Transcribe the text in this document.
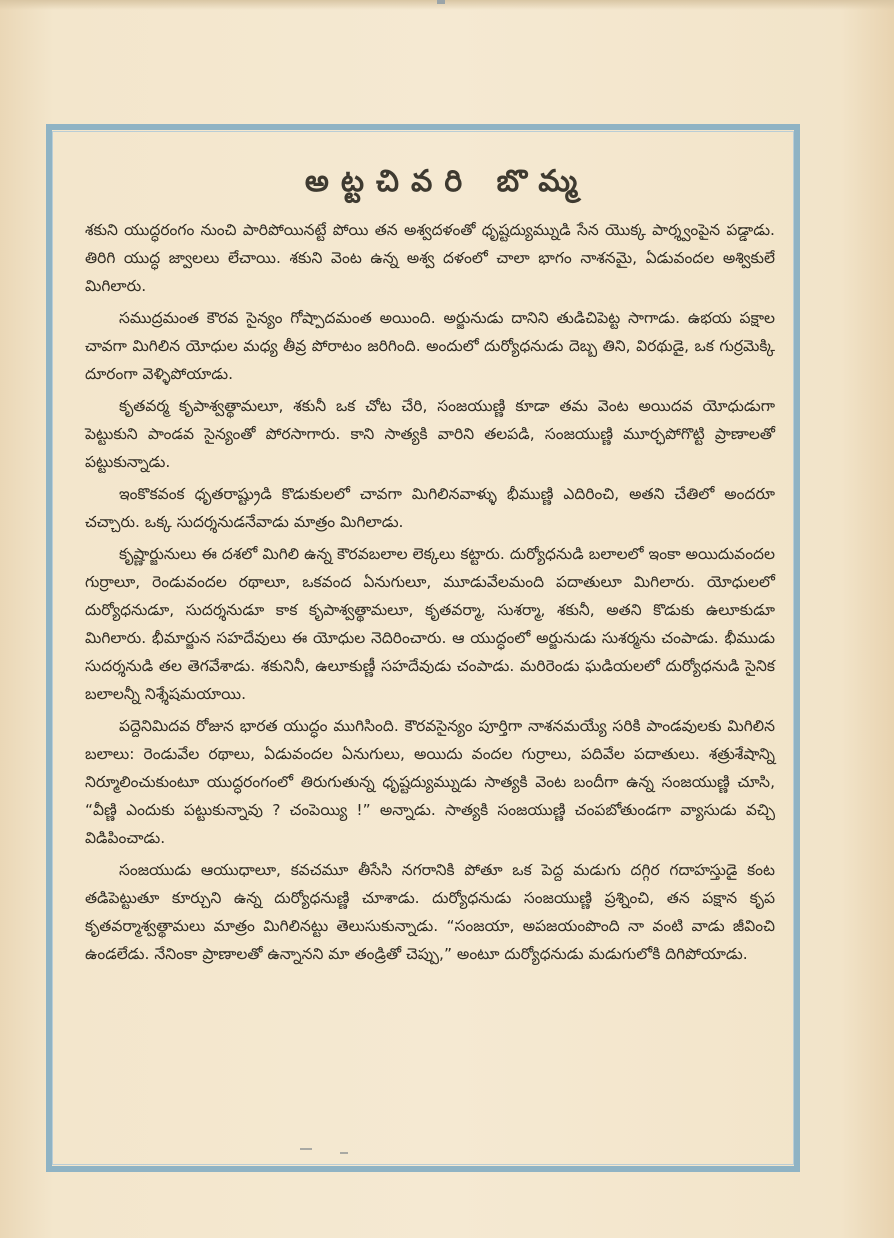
అట్టచివరి బొమ్మ

శకుని యుద్ధరంగం నుంచి పారిపోయినట్టే పోయి తన అశ్వదళంతో ధృష్టద్యుమ్నుడి సేన యొక్క పార్శ్వంపైన పడ్డాడు. తిరిగి యుద్ధ జ్వాలలు లేచాయి. శకుని వెంట ఉన్న అశ్వ దళంలో చాలా భాగం నాశనమై, ఏడువందల అశ్వికులే మిగిలారు.

సముద్రమంత కౌరవ సైన్యం గోష్పాదమంత అయింది. అర్జునుడు దానిని తుడిచిపెట్ట సాగాడు. ఉభయ పక్షాల చావగా మిగిలిన యోధుల మధ్య తీవ్ర పోరాటం జరిగింది. అందులో దుర్యోధనుడు దెబ్బ తిని, విరథుడై, ఒక గుర్రమెక్కి దూరంగా వెళ్ళిపోయాడు.

కృతవర్మ కృపాశ్వత్థామలూ, శకునీ ఒక చోట చేరి, సంజయుణ్ణి కూడా తమ వెంట అయిదవ యోధుడుగా పెట్టుకుని పాండవ సైన్యంతో పోరసాగారు. కాని సాత్యకి వారిని తలపడి, సంజయుణ్ణి మూర్ఛపోగొట్టి ప్రాణాలతో పట్టుకున్నాడు.

ఇంకొకవంక ధృతరాష్ట్రుడి కొడుకులలో చావగా మిగిలినవాళ్ళు భీముణ్ణి ఎదిరించి, అతని చేతిలో అందరూ చచ్చారు. ఒక్క సుదర్శనుడనేవాడు మాత్రం మిగిలాడు.

కృష్ణార్జునులు ఈ దశలో మిగిలి ఉన్న కౌరవబలాల లెక్కలు కట్టారు. దుర్యోధనుడి బలాలలో ఇంకా అయిదువందల గుర్రాలూ, రెండువందల రథాలూ, ఒకవంద ఏనుగులూ, మూడువేలమంది పదాతులూ మిగిలారు. యోధులలో దుర్యోధనుడూ, సుదర్శనుడూ కాక కృపాశ్వత్థామలూ, కృతవర్మా, సుశర్మా, శకునీ, అతని కొడుకు ఉలూకుడూ మిగిలారు. భీమార్జున సహదేవులు ఈ యోధుల నెదిరించారు. ఆ యుద్ధంలో అర్జునుడు సుశర్మను చంపాడు. భీముడు సుదర్శనుడి తల తెగవేశాడు. శకునినీ, ఉలూకుణ్ణీ సహదేవుడు చంపాడు. మరిరెండు ఘడియలలో దుర్యోధనుడి సైనిక బలాలన్నీ నిశ్శేషమయాయి.

పద్దెనిమిదవ రోజున భారత యుద్ధం ముగిసింది. కౌరవసైన్యం పూర్తిగా నాశనమయ్యే సరికి పాండవులకు మిగిలిన బలాలు: రెండువేల రథాలు, ఏడువందల ఏనుగులు, అయిదు వందల గుర్రాలు, పదివేల పదాతులు. శత్రుశేషాన్ని నిర్మూలించుకుంటూ యుద్ధరంగంలో తిరుగుతున్న ధృష్టద్యుమ్నుడు సాత్యకి వెంట బందీగా ఉన్న సంజయుణ్ణి చూసి, “వీణ్ణి ఎందుకు పట్టుకున్నావు ? చంపెయ్యి !” అన్నాడు. సాత్యకి సంజయుణ్ణి చంపబోతుండగా వ్యాసుడు వచ్చి విడిపించాడు.

సంజయుడు ఆయుధాలూ, కవచమూ తీసేసి నగరానికి పోతూ ఒక పెద్ద మడుగు దగ్గిర గదాహస్తుడై కంట తడిపెట్టుతూ కూర్చుని ఉన్న దుర్యోధనుణ్ణి చూశాడు. దుర్యోధనుడు సంజయుణ్ణి ప్రశ్నించి, తన పక్షాన కృప కృతవర్మాశ్వత్థామలు మాత్రం మిగిలినట్టు తెలుసుకున్నాడు. “సంజయా, అపజయంపొంది నా వంటి వాడు జీవించి ఉండలేడు. నేనింకా ప్రాణాలతో ఉన్నానని మా తండ్రితో చెప్పు,” అంటూ దుర్యోధనుడు మడుగులోకి దిగిపోయాడు.
